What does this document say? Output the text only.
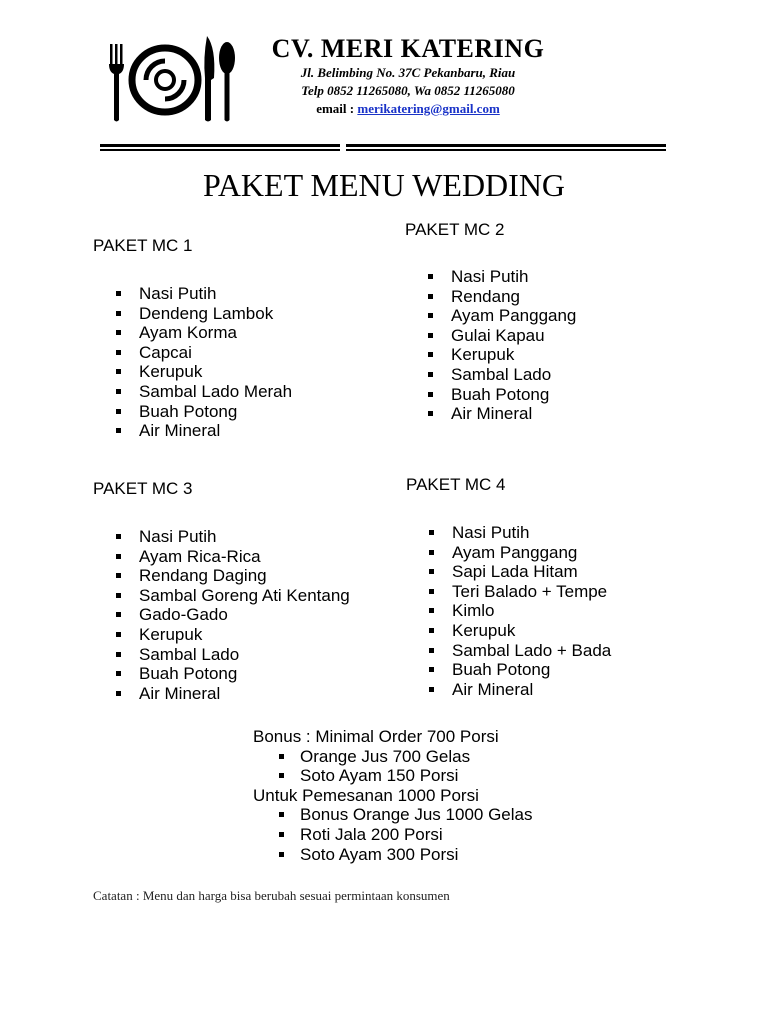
CV. MERI KATERING
Jl. Belimbing No. 37C Pekanbaru, Riau
Telp 0852 11265080, Wa 0852 11265080
email : merikatering@gmail.com
PAKET MENU WEDDING
PAKET MC 1
Nasi Putih
Dendeng Lambok
Ayam Korma
Capcai
Kerupuk
Sambal Lado Merah
Buah Potong
Air Mineral
PAKET MC 2
Nasi Putih
Rendang
Ayam Panggang
Gulai Kapau
Kerupuk
Sambal Lado
Buah Potong
Air Mineral
PAKET MC 3
Nasi Putih
Ayam Rica-Rica
Rendang Daging
Sambal Goreng Ati Kentang
Gado-Gado
Kerupuk
Sambal Lado
Buah Potong
Air Mineral
PAKET MC 4
Nasi Putih
Ayam Panggang
Sapi Lada Hitam
Teri Balado + Tempe
Kimlo
Kerupuk
Sambal Lado + Bada
Buah Potong
Air Mineral
Bonus : Minimal Order 700 Porsi
Orange Jus 700 Gelas
Soto Ayam 150 Porsi
Untuk Pemesanan 1000 Porsi
Bonus Orange Jus 1000 Gelas
Roti Jala 200 Porsi
Soto Ayam 300 Porsi
Catatan : Menu dan harga bisa berubah sesuai permintaan konsumen
